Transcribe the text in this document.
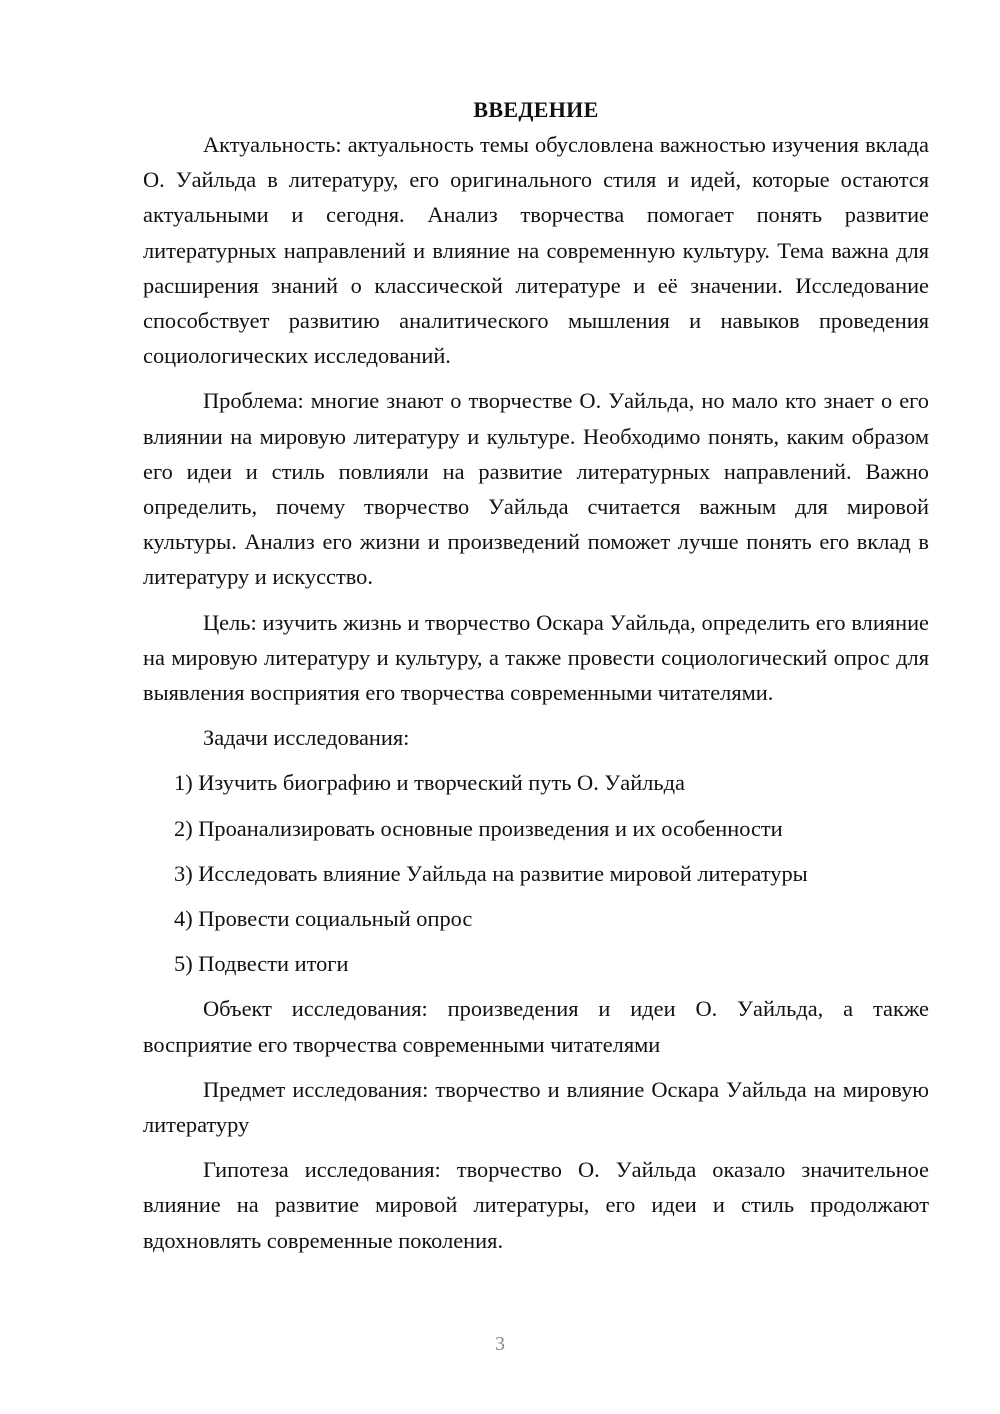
ВВЕДЕНИЕ

Актуальность: актуальность темы обусловлена важностью изучения вклада О. Уайльда в литературу, его оригинального стиля и идей, которые остаются актуальными и сегодня. Анализ творчества помогает понять развитие литературных направлений и влияние на современную культуру. Тема важна для расширения знаний о классической литературе и её значении. Исследование способствует развитию аналитического мышления и навыков проведения социологических исследований.

Проблема: многие знают о творчестве О. Уайльда, но мало кто знает о его влиянии на мировую литературу и культуре. Необходимо понять, каким образом его идеи и стиль повлияли на развитие литературных направлений. Важно определить, почему творчество Уайльда считается важным для мировой культуры. Анализ его жизни и произведений поможет лучше понять его вклад в литературу и искусство.

Цель: изучить жизнь и творчество Оскара Уайльда, определить его влияние на мировую литературу и культуру, а также провести социологический опрос для выявления восприятия его творчества современными читателями.

Задачи исследования:
1) Изучить биографию и творческий путь О. Уайльда
2) Проанализировать основные произведения и их особенности
3) Исследовать влияние Уайльда на развитие мировой литературы
4) Провести социальный опрос
5) Подвести итоги

Объект исследования: произведения и идеи О. Уайльда, а также восприятие его творчества современными читателями

Предмет исследования: творчество и влияние Оскара Уайльда на мировую литературу

Гипотеза исследования: творчество О. Уайльда оказало значительное влияние на развитие мировой литературы, его идеи и стиль продолжают вдохновлять современные поколения.

3
